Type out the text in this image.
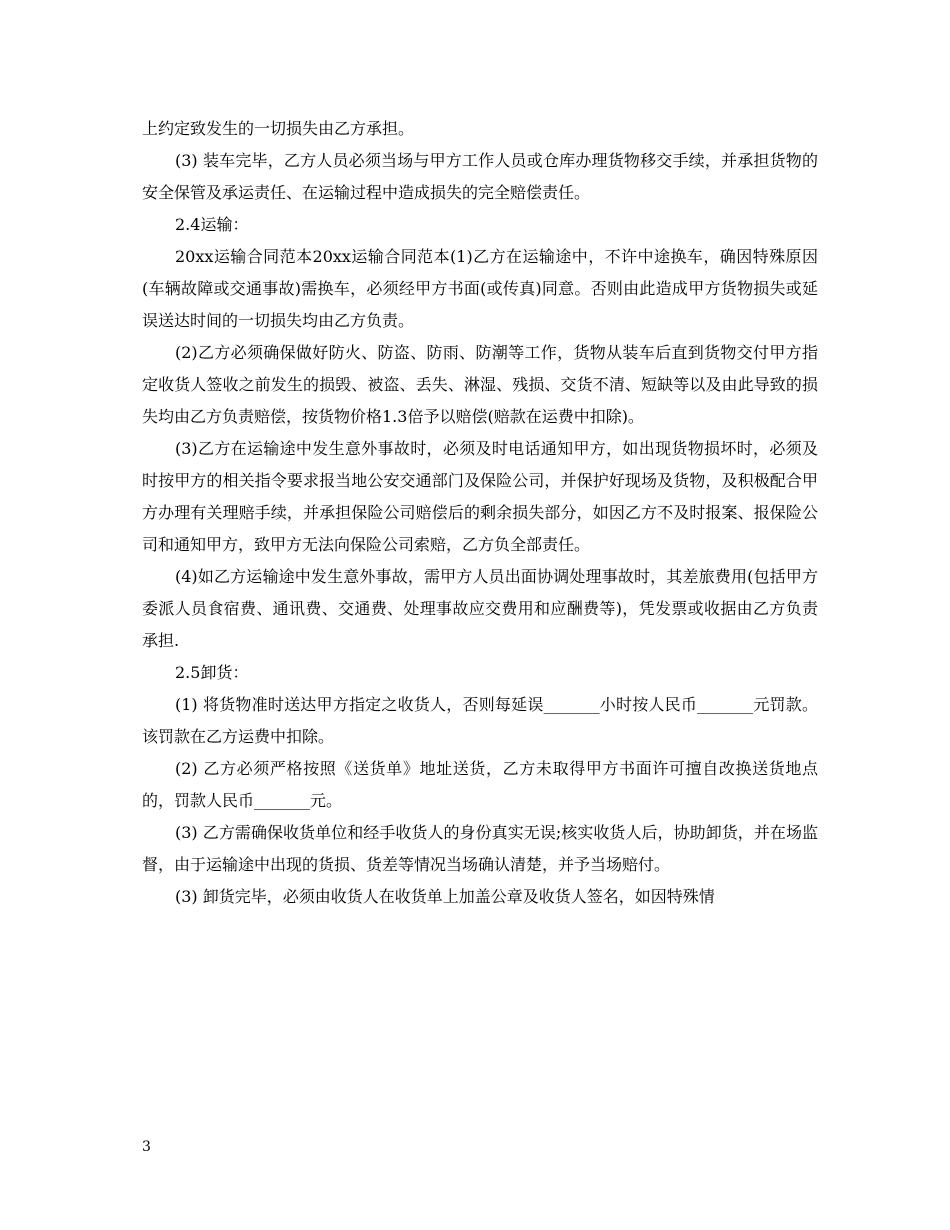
上约定致发生的一切损失由乙方承担。

(3) 装车完毕，乙方人员必须当场与甲方工作人员或仓库办理货物移交手续，并承担货物的安全保管及承运责任、在运输过程中造成损失的完全赔偿责任。

2.4运输：

20xx运输合同范本20xx运输合同范本(1)乙方在运输途中，不许中途换车，确因特殊原因(车辆故障或交通事故)需换车，必须经甲方书面(或传真)同意。否则由此造成甲方货物损失或延误送达时间的一切损失均由乙方负责。

(2)乙方必须确保做好防火、防盗、防雨、防潮等工作，货物从装车后直到货物交付甲方指定收货人签收之前发生的损毁、被盗、丢失、淋湿、残损、交货不清、短缺等以及由此导致的损失均由乙方负责赔偿，按货物价格1.3倍予以赔偿(赔款在运费中扣除)。

(3)乙方在运输途中发生意外事故时，必须及时电话通知甲方，如出现货物损坏时，必须及时按甲方的相关指令要求报当地公安交通部门及保险公司，并保护好现场及货物，及积极配合甲方办理有关理赔手续，并承担保险公司赔偿后的剩余损失部分，如因乙方不及时报案、报保险公司和通知甲方，致甲方无法向保险公司索赔，乙方负全部责任。

(4)如乙方运输途中发生意外事故，需甲方人员出面协调处理事故时，其差旅费用(包括甲方委派人员食宿费、通讯费、交通费、处理事故应交费用和应酬费等)，凭发票或收据由乙方负责承担.

2.5卸货：

(1) 将货物准时送达甲方指定之收货人，否则每延误_______小时按人民币_______元罚款。该罚款在乙方运费中扣除。

(2) 乙方必须严格按照《送货单》地址送货，乙方未取得甲方书面许可擅自改换送货地点的，罚款人民币_______元。

(3) 乙方需确保收货单位和经手收货人的身份真实无误;核实收货人后，协助卸货，并在场监督，由于运输途中出现的货损、货差等情况当场确认清楚，并予当场赔付。

(3) 卸货完毕，必须由收货人在收货单上加盖公章及收货人签名，如因特殊情

3
